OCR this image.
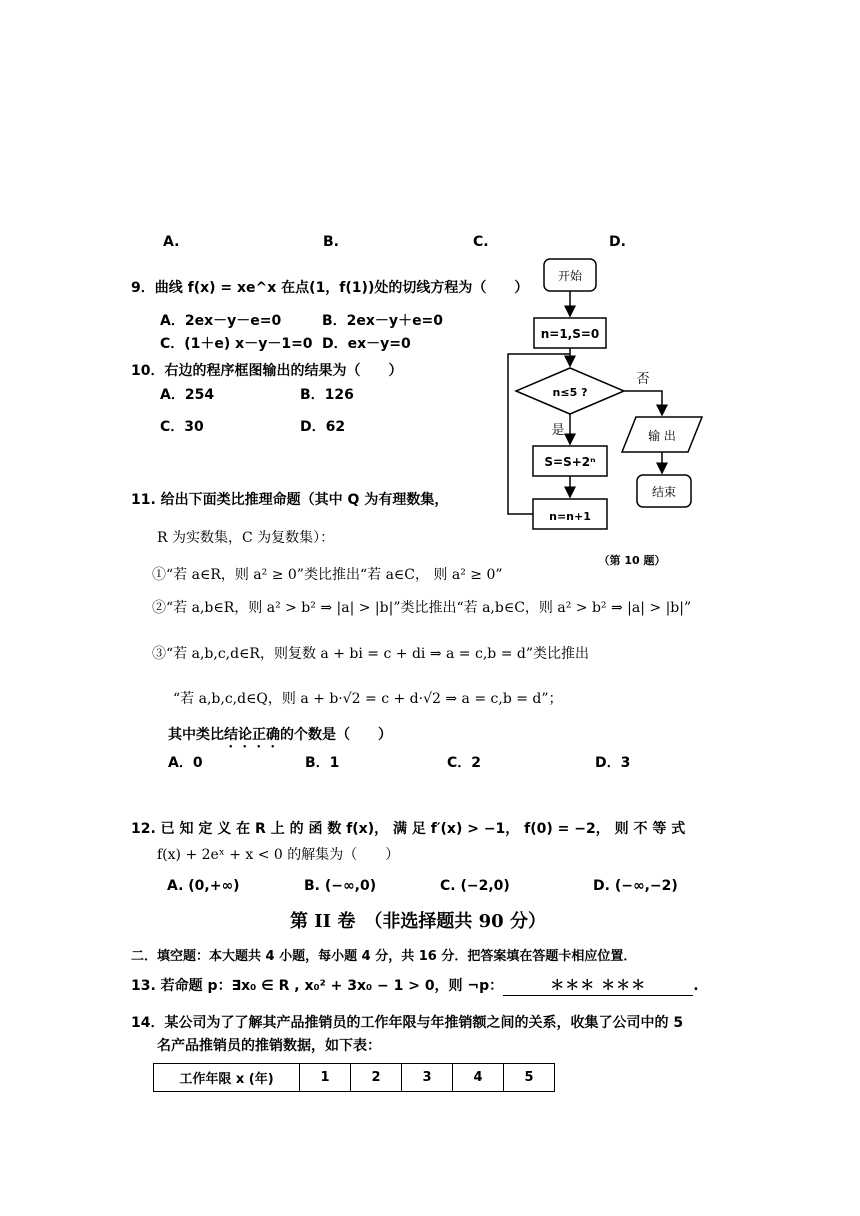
A.	B.	C.	D.
9．曲线 f(x) = xe^x 在点(1，f(1))处的切线方程为（　　）
A．2ex－y－e=0	B．2ex－y＋e=0
C．(1＋e) x－y－1=0 D．ex－y=0
10．右边的程序框图输出的结果为（　　）
A．254	B．126
C．30	D．62
开始
n=1,S=0
n≤5 ?
否
是
S=S+2ⁿ
n=n+1
输 出
结束
（第 10 题）
11. 给出下面类比推理命题（其中 Q 为有理数集，
R 为实数集，C 为复数集）：
①“若 a∈R，则 a² ≥ 0”类比推出“若 a∈C， 则 a² ≥ 0”
②“若 a,b∈R，则 a² > b² ⇒ |a| > |b|”类比推出“若 a,b∈C，则 a² > b² ⇒ |a| > |b|”
③“若 a,b,c,d∈R，则复数 a + bi = c + di ⇒ a = c,b = d”类比推出
“若 a,b,c,d∈Q，则 a + b·√2 = c + d·√2 ⇒ a = c,b = d”；
其中类比结论正确的个数是（　　）
A．0	B．1	C．2	D．3
12. 已 知 定 义 在 R 上 的 函 数 f(x)， 满 足 f′(x) > −1， f(0) = −2， 则 不 等 式
f(x) + 2eˣ + x < 0 的解集为（　　）
A. (0,+∞)	B. (−∞,0)	C. (−2,0)	D. (−∞,−2)
第 II 卷　（非选择题共 90 分）
二．填空题：本大题共 4 小题，每小题 4 分，共 16 分．把答案填在答题卡相应位置．
13. 若命题 p：∃x₀ ∈ R , x₀² + 3x₀ − 1 > 0，则 ¬p：	＊＊＊ ＊＊＊	.
14．某公司为了了解其产品推销员的工作年限与年推销额之间的关系，收集了公司中的 5
名产品推销员的推销数据，如下表：
工作年限 x (年)	1	2	3	4	5
